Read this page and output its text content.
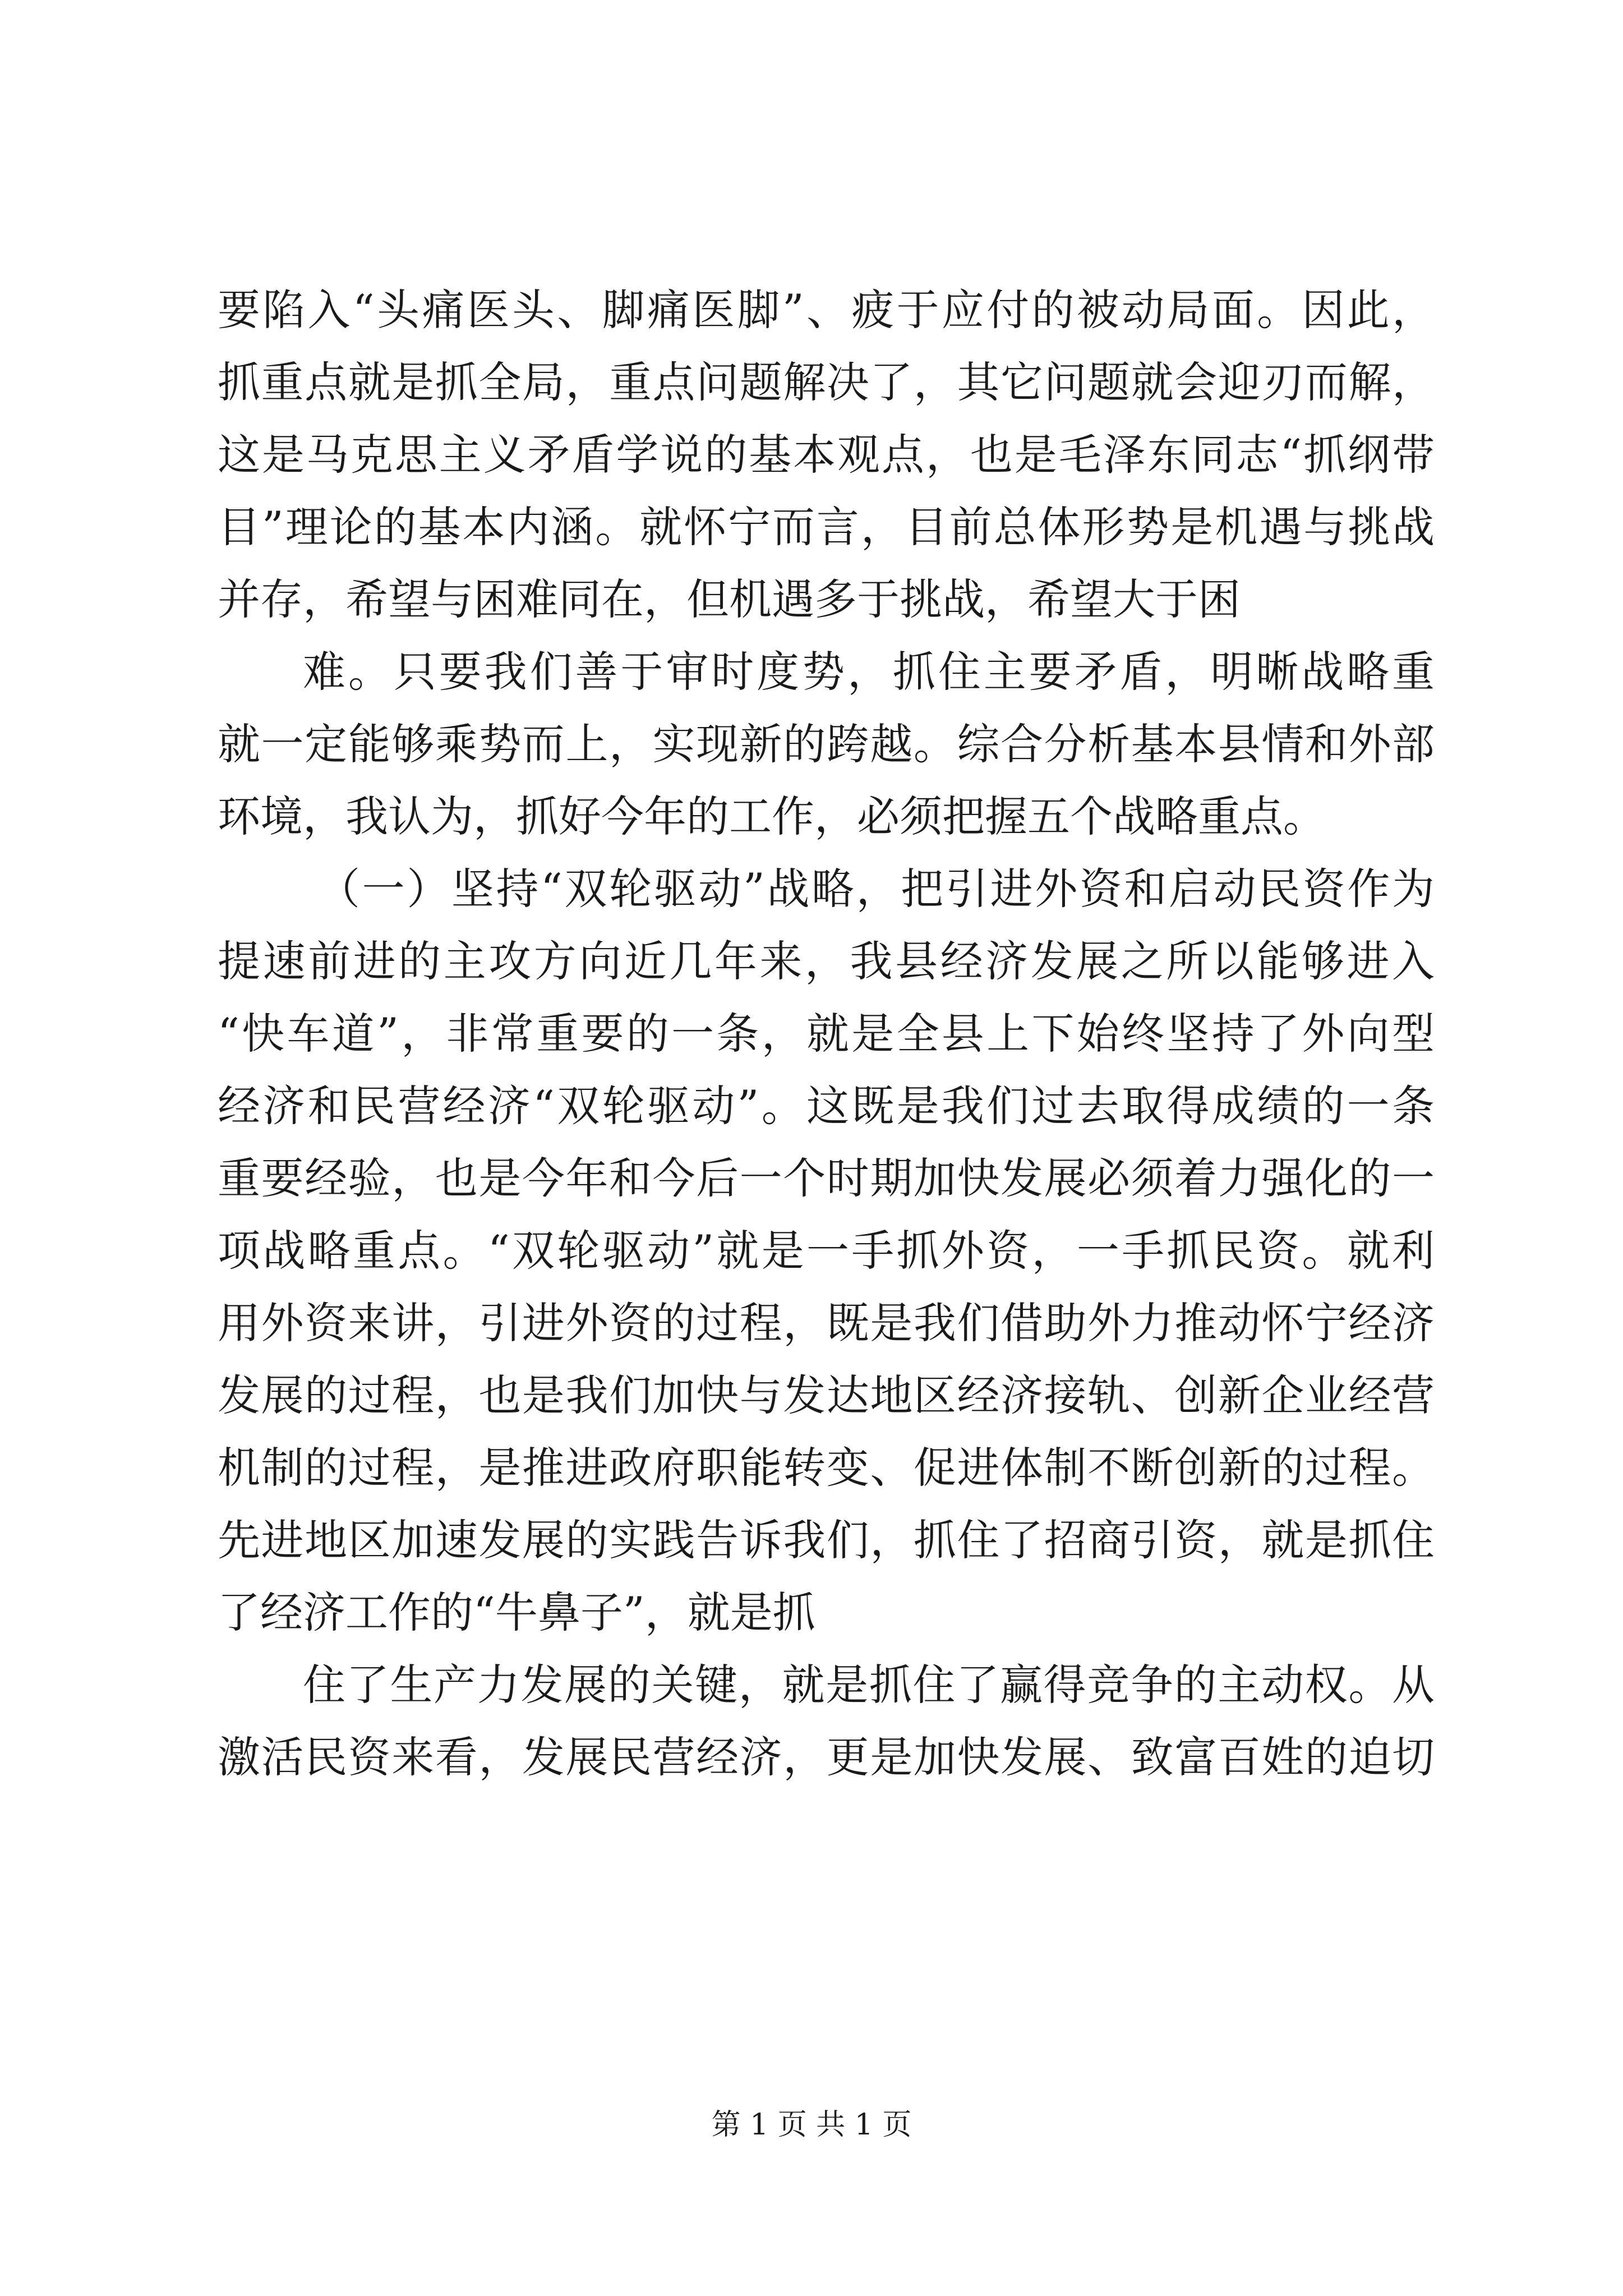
要陷入“头痛医头、脚痛医脚”、疲于应付的被动局面。因此，
抓重点就是抓全局，重点问题解决了，其它问题就会迎刃而解，
这是马克思主义矛盾学说的基本观点，也是毛泽东同志“抓纲带
目”理论的基本内涵。就怀宁而言，目前总体形势是机遇与挑战
并存，希望与困难同在，但机遇多于挑战，希望大于困
难。只要我们善于审时度势，抓住主要矛盾，明晰战略重
就一定能够乘势而上，实现新的跨越。综合分析基本县情和外部
环境，我认为，抓好今年的工作，必须把握五个战略重点。
（一）坚持“双轮驱动”战略，把引进外资和启动民资作为
提速前进的主攻方向近几年来，我县经济发展之所以能够进入
“快车道”，非常重要的一条，就是全县上下始终坚持了外向型
经济和民营经济“双轮驱动”。这既是我们过去取得成绩的一条
重要经验，也是今年和今后一个时期加快发展必须着力强化的一
项战略重点。“双轮驱动”就是一手抓外资，一手抓民资。就利
用外资来讲，引进外资的过程，既是我们借助外力推动怀宁经济
发展的过程，也是我们加快与发达地区经济接轨、创新企业经营
机制的过程，是推进政府职能转变、促进体制不断创新的过程。
先进地区加速发展的实践告诉我们，抓住了招商引资，就是抓住
了经济工作的“牛鼻子”，就是抓
住了生产力发展的关键，就是抓住了赢得竞争的主动权。从
激活民资来看，发展民营经济，更是加快发展、致富百姓的迫切
第 1 页 共 1 页
